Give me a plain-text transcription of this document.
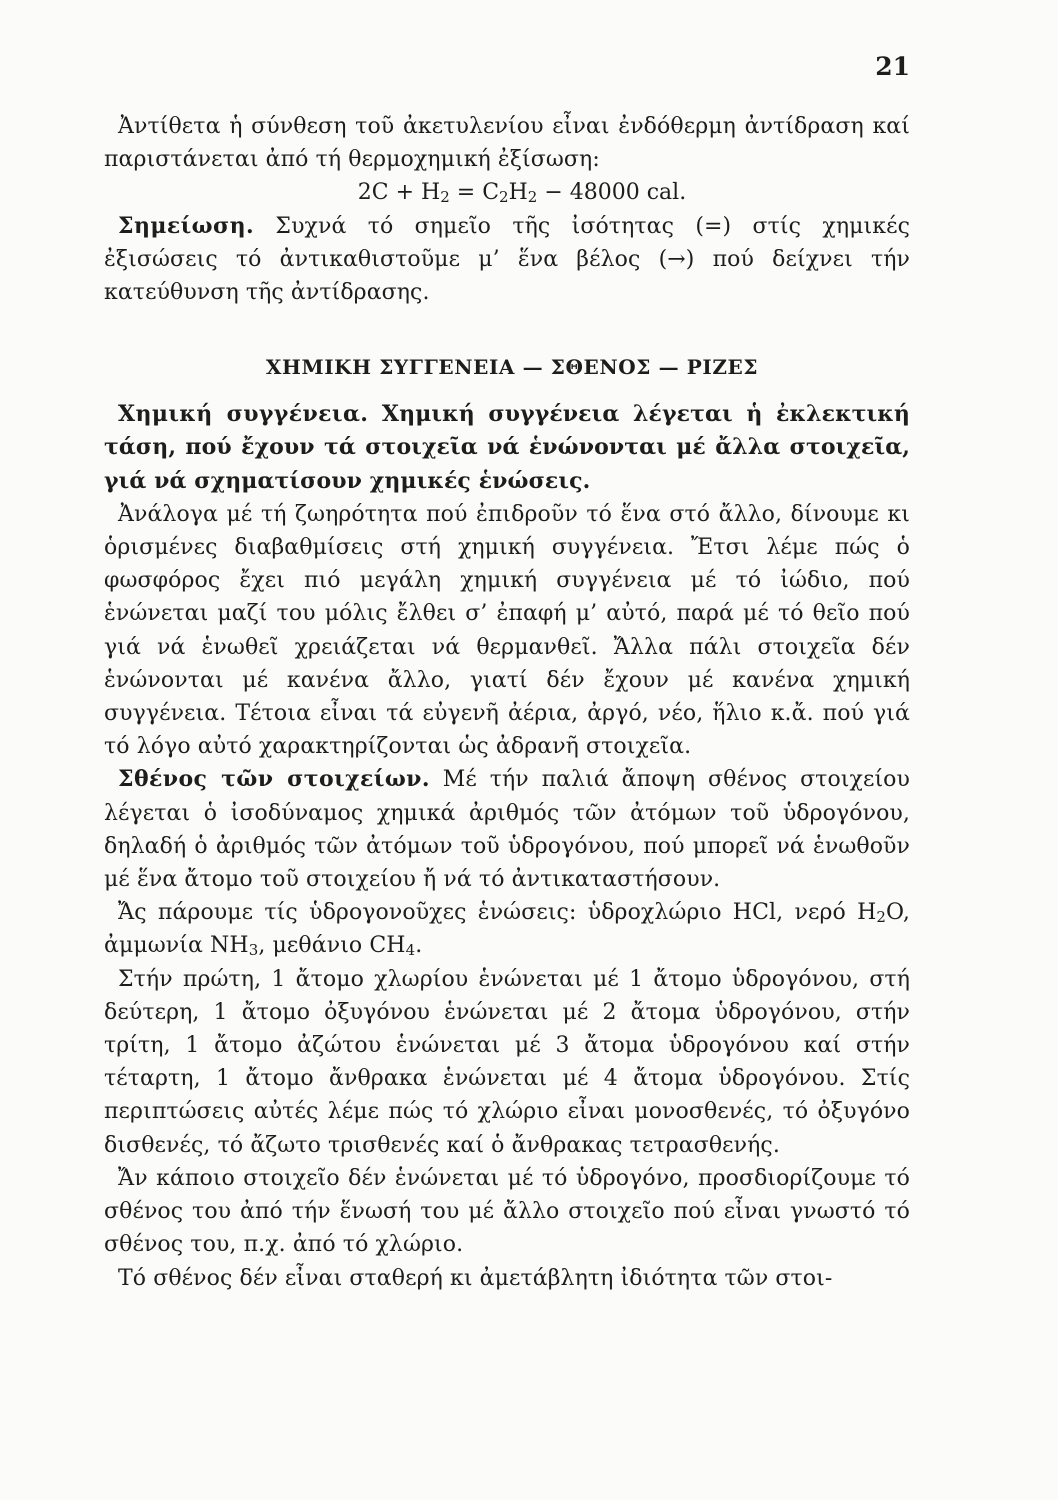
21

Ἀντίθετα ἡ σύνθεση τοῦ ἀκετυλενίου εἶναι ἐνδόθερμη ἀντίδραση καί παριστάνεται ἀπό τή θερμοχημική ἐξίσωση:

$2C + H_2 = C_2H_2 - 48000$ cal.

Σημείωση. Συχνά τό σημεῖο τῆς ἰσότητας (=) στίς χημικές ἐξισώσεις τό ἀντικαθιστοῦμε μ’ ἕνα βέλος (→) πού δείχνει τήν κατεύθυνση τῆς ἀντίδρασης.

ΧΗΜΙΚΗ ΣΥΓΓΕΝΕΙΑ — ΣΘΕΝΟΣ — ΡΙΖΕΣ

Χημική συγγένεια. Χημική συγγένεια λέγεται ἡ ἐκλεκτική τάση, πού ἔχουν τά στοιχεῖα νά ἑνώνονται μέ ἄλλα στοιχεῖα, γιά νά σχηματίσουν χημικές ἑνώσεις.

Ἀνάλογα μέ τή ζωηρότητα πού ἐπιδροῦν τό ἕνα στό ἄλλο, δίνουμε κι ὁρισμένες διαβαθμίσεις στή χημική συγγένεια. Ἔτσι λέμε πώς ὁ φωσφόρος ἔχει πιό μεγάλη χημική συγγένεια μέ τό ἰώδιο, πού ἑνώνεται μαζί του μόλις ἔλθει σ’ ἐπαφή μ’ αὐτό, παρά μέ τό θεῖο πού γιά νά ἑνωθεῖ χρειάζεται νά θερμανθεῖ. Ἄλλα πάλι στοιχεῖα δέν ἑνώνονται μέ κανένα ἄλλο, γιατί δέν ἔχουν μέ κανένα χημική συγγένεια. Τέτοια εἶναι τά εὐγενῆ ἀέρια, ἀργό, νέο, ἥλιο κ.ἄ. πού γιά τό λόγο αὐτό χαρακτηρίζονται ὡς ἀδρανῆ στοιχεῖα.

Σθένος τῶν στοιχείων. Μέ τήν παλιά ἄποψη σθένος στοιχείου λέγεται ὁ ἰσοδύναμος χημικά ἀριθμός τῶν ἀτόμων τοῦ ὑδρογόνου, δηλαδή ὁ ἀριθμός τῶν ἀτόμων τοῦ ὑδρογόνου, πού μπορεῖ νά ἑνωθοῦν μέ ἕνα ἄτομο τοῦ στοιχείου ἤ νά τό ἀντικαταστήσουν.

Ἄς πάρουμε τίς ὑδρογονοῦχες ἑνώσεις: ὑδροχλώριο HCl, νερό $H_2O$, ἀμμωνία $NH_3$, μεθάνιο $CH_4$.

Στήν πρώτη, 1 ἄτομο χλωρίου ἑνώνεται μέ 1 ἄτομο ὑδρογόνου, στή δεύτερη, 1 ἄτομο ὀξυγόνου ἑνώνεται μέ 2 ἄτομα ὑδρογόνου, στήν τρίτη, 1 ἄτομο ἀζώτου ἑνώνεται μέ 3 ἄτομα ὑδρογόνου καί στήν τέταρτη, 1 ἄτομο ἄνθρακα ἑνώνεται μέ 4 ἄτομα ὑδρογόνου. Στίς περιπτώσεις αὐτές λέμε πώς τό χλώριο εἶναι μονοσθενές, τό ὀξυγόνο δισθενές, τό ἄζωτο τρισθενές καί ὁ ἄνθρακας τετρασθενής.

Ἄν κάποιο στοιχεῖο δέν ἑνώνεται μέ τό ὑδρογόνο, προσδιορίζουμε τό σθένος του ἀπό τήν ἕνωσή του μέ ἄλλο στοιχεῖο πού εἶναι γνωστό τό σθένος του, π.χ. ἀπό τό χλώριο.

Τό σθένος δέν εἶναι σταθερή κι ἀμετάβλητη ἰδιότητα τῶν στοι-
